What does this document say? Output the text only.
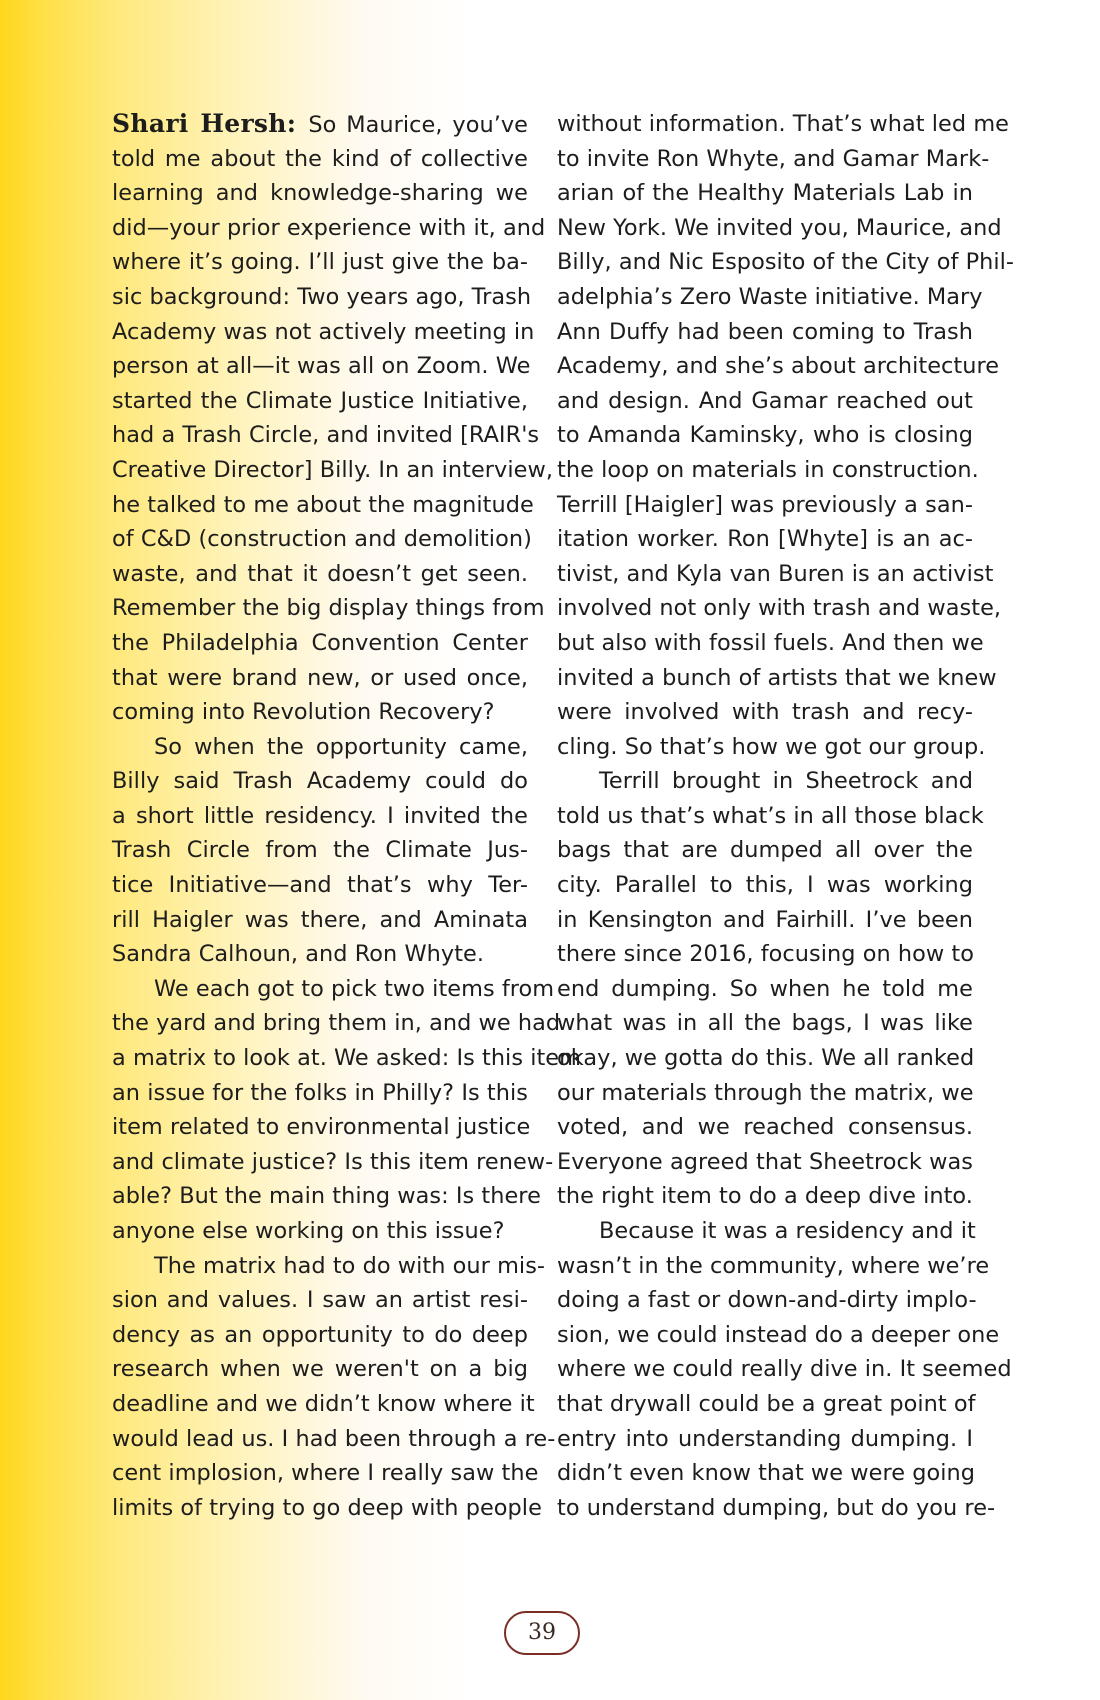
Shari Hersh: So Maurice, you’ve
told me about the kind of collective
learning and knowledge-sharing we
did—your prior experience with it, and
where it’s going. I’ll just give the ba-
sic background: Two years ago, Trash
Academy was not actively meeting in
person at all—it was all on Zoom. We
started the Climate Justice Initiative,
had a Trash Circle, and invited [RAIR's
Creative Director] Billy. In an interview,
he talked to me about the magnitude
of C&D (construction and demolition)
waste, and that it doesn’t get seen.
Remember the big display things from
the Philadelphia Convention Center
that were brand new, or used once,
coming into Revolution Recovery?
So when the opportunity came,
Billy said Trash Academy could do
a short little residency. I invited the
Trash Circle from the Climate Jus-
tice Initiative—and that’s why Ter-
rill Haigler was there, and Aminata
Sandra Calhoun, and Ron Whyte.
We each got to pick two items from
the yard and bring them in, and we had
a matrix to look at. We asked: Is this item
an issue for the folks in Philly? Is this
item related to environmental justice
and climate justice? Is this item renew-
able? But the main thing was: Is there
anyone else working on this issue?
The matrix had to do with our mis-
sion and values. I saw an artist resi-
dency as an opportunity to do deep
research when we weren't on a big
deadline and we didn’t know where it
would lead us. I had been through a re-
cent implosion, where I really saw the
limits of trying to go deep with people
without information. That’s what led me
to invite Ron Whyte, and Gamar Mark-
arian of the Healthy Materials Lab in
New York. We invited you, Maurice, and
Billy, and Nic Esposito of the City of Phil-
adelphia’s Zero Waste initiative. Mary
Ann Duffy had been coming to Trash
Academy, and she’s about architecture
and design. And Gamar reached out
to Amanda Kaminsky, who is closing
the loop on materials in construction.
Terrill [Haigler] was previously a san-
itation worker. Ron [Whyte] is an ac-
tivist, and Kyla van Buren is an activist
involved not only with trash and waste,
but also with fossil fuels. And then we
invited a bunch of artists that we knew
were involved with trash and recy-
cling. So that’s how we got our group.
Terrill brought in Sheetrock and
told us that’s what’s in all those black
bags that are dumped all over the
city. Parallel to this, I was working
in Kensington and Fairhill. I’ve been
there since 2016, focusing on how to
end dumping. So when he told me
what was in all the bags, I was like
okay, we gotta do this. We all ranked
our materials through the matrix, we
voted, and we reached consensus.
Everyone agreed that Sheetrock was
the right item to do a deep dive into.
Because it was a residency and it
wasn’t in the community, where we’re
doing a fast or down-and-dirty implo-
sion, we could instead do a deeper one
where we could really dive in. It seemed
that drywall could be a great point of
entry into understanding dumping. I
didn’t even know that we were going
to understand dumping, but do you re-
39
